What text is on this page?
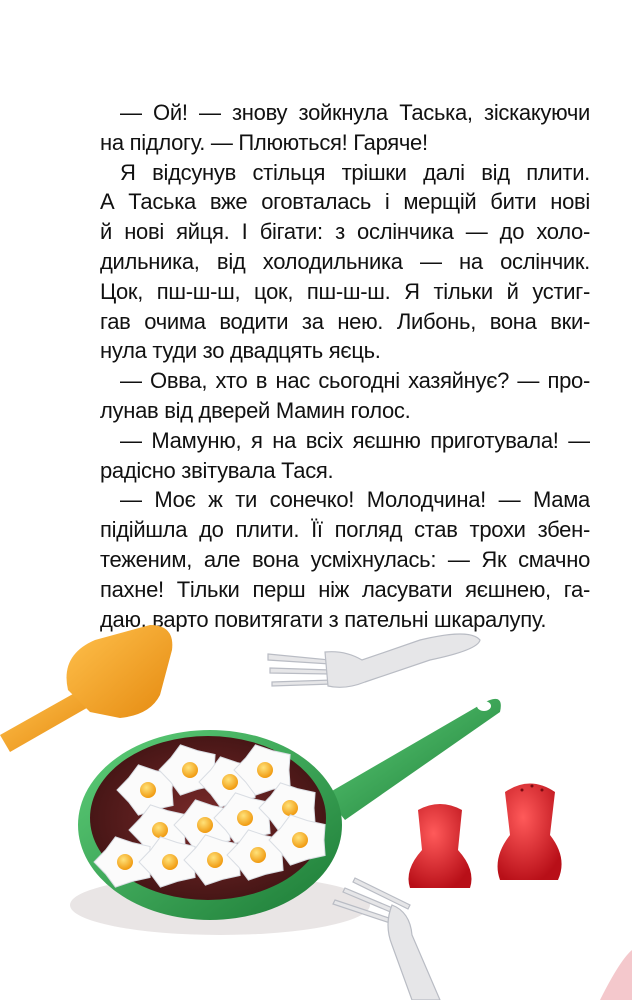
— Ой! — знову зойкнула Таська, зіскакуючи
на підлогу. — Плюються! Гаряче!
Я відсунув стільця трішки далі від плити.
А Таська вже оговталась і мерщій бити нові
й нові яйця. І бігати: з ослінчика — до холо-
дильника, від холодильника — на ослінчик.
Цок, пш-ш-ш, цок, пш-ш-ш. Я тільки й устиг-
гав очима водити за нею. Либонь, вона вки-
нула туди зо двадцять яєць.
— Овва, хто в нас сьогодні хазяйнує? — про-
лунав від дверей Мамин голос.
— Мамуню, я на всіх яєшню приготувала! —
радісно звітувала Тася.
— Моє ж ти сонечко! Молодчина! — Мама
підійшла до плити. Її погляд став трохи збен-
теженим, але вона усміхнулась: — Як смачно
пахне! Тільки перш ніж ласувати яєшнею, га-
даю, варто повитягати з пательні шкаралупу.
